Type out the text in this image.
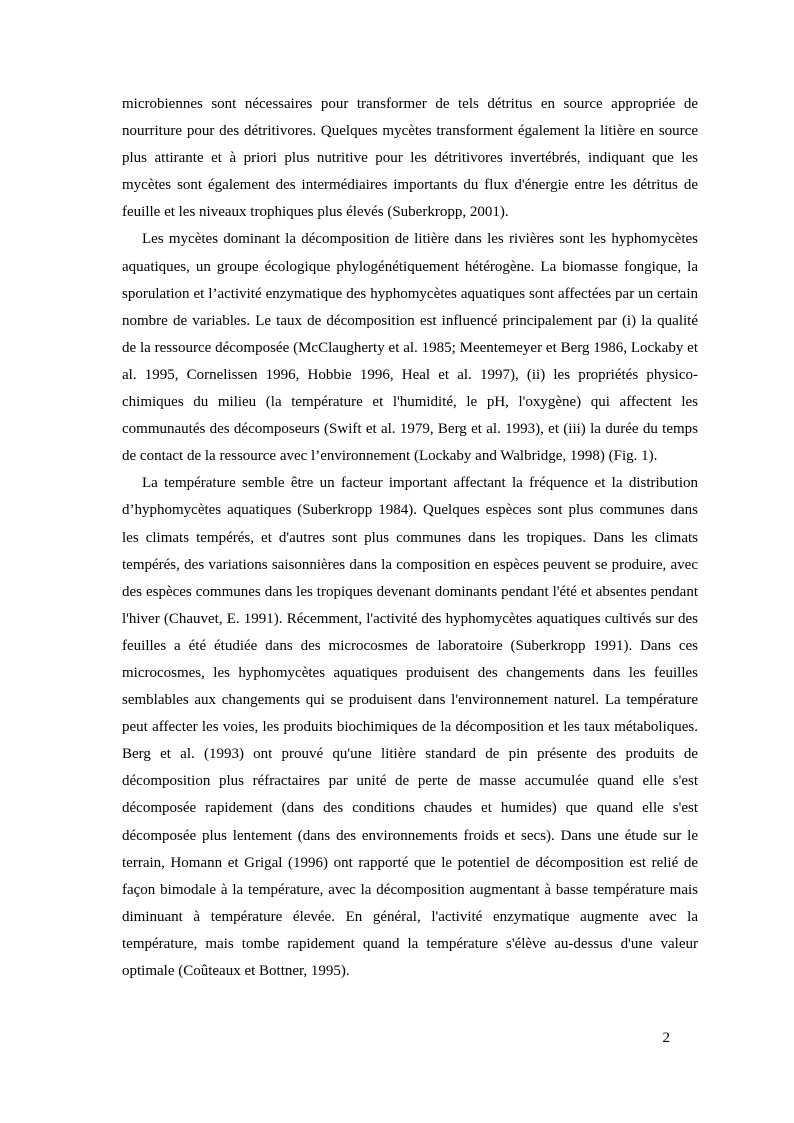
microbiennes sont nécessaires pour transformer de tels détritus en source appropriée de nourriture pour des détritivores. Quelques mycètes transforment également la litière en source plus attirante et à priori plus nutritive pour les détritivores invertébrés, indiquant que les mycètes sont également des intermédiaires importants du flux d'énergie entre les détritus de feuille et les niveaux trophiques plus élevés (Suberkropp, 2001).

Les mycètes dominant la décomposition de litière dans les rivières sont les hyphomycètes aquatiques, un groupe écologique phylogénétiquement hétérogène. La biomasse fongique, la sporulation et l’activité enzymatique des hyphomycètes aquatiques sont affectées par un certain nombre de variables. Le taux de décomposition est influencé principalement par (i) la qualité de la ressource décomposée (McClaugherty et al. 1985; Meentemeyer et Berg 1986, Lockaby et al. 1995, Cornelissen 1996, Hobbie 1996, Heal et al. 1997), (ii) les propriétés physico-chimiques du milieu (la température et l'humidité, le pH, l'oxygène) qui affectent les communautés des décomposeurs (Swift et al. 1979, Berg et al. 1993), et (iii) la durée du temps de contact de la ressource avec l’environnement (Lockaby and Walbridge, 1998) (Fig. 1).

La température semble être un facteur important affectant la fréquence et la distribution d’hyphomycètes aquatiques (Suberkropp 1984). Quelques espèces sont plus communes dans les climats tempérés, et d'autres sont plus communes dans les tropiques. Dans les climats tempérés, des variations saisonnières dans la composition en espèces peuvent se produire, avec des espèces communes dans les tropiques devenant dominants pendant l'été et absentes pendant l'hiver (Chauvet, E. 1991). Récemment, l'activité des hyphomycètes aquatiques cultivés sur des feuilles a été étudiée dans des microcosmes de laboratoire (Suberkropp 1991). Dans ces microcosmes, les hyphomycètes aquatiques produisent des changements dans les feuilles semblables aux changements qui se produisent dans l'environnement naturel. La température peut affecter les voies, les produits biochimiques de la décomposition et les taux métaboliques. Berg et al. (1993) ont prouvé qu'une litière standard de pin présente des produits de décomposition plus réfractaires par unité de perte de masse accumulée quand elle s'est décomposée rapidement (dans des conditions chaudes et humides) que quand elle s'est décomposée plus lentement (dans des environnements froids et secs). Dans une étude sur le terrain, Homann et Grigal (1996) ont rapporté que le potentiel de décomposition est relié de façon bimodale à la température, avec la décomposition augmentant à basse température mais diminuant à température élevée. En général, l'activité enzymatique augmente avec la température, mais tombe rapidement quand la température s'élève au-dessus d'une valeur optimale (Coûteaux et Bottner, 1995).

2
